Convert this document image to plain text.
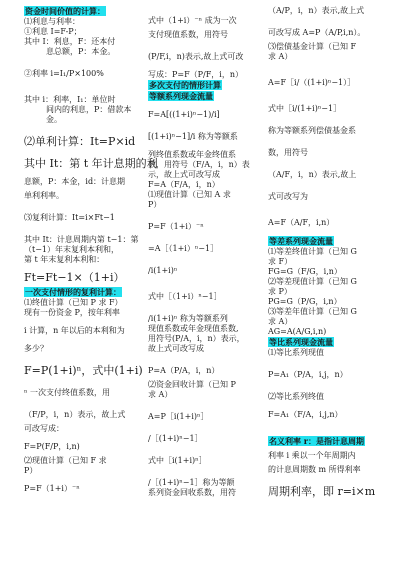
资金时间价值的计算：

⑴利息与利率：

①利息 I=F-P；

其中 I：利息，F：还本付

息总额，P：本金。

②利率 i=I₁/P×100%

其中 i：利率，I₁：单位时

间内的利息，P：借款本

金。

⑵单利计算：It=P×id

其中 It：第 t 年计息期的利

息额，P：本金，id：计息期

单利利率。

⑶复利计算：It=i×Ft−1

其中 It：计息周期内第 t−1：第

（t−1）年末复利本利和，

第 t 年末复利本利和：

Ft=Ft−1×（1+i）

一次支付情形的复利计算：

⑴终值计算（已知 P 求 F）

现有一份资金 P，按年利率

i 计算，n 年以后的本利和为

多少？

F=P(1+i)ⁿ，式中(1+i)

ⁿ 一次支付终值系数，用

（F/P，i，n）表示，故上式

可改写成：

F=P(F/P，i,n)

⑵现值计算（已知 F 求

P）

P=F（1+i）⁻ⁿ

式中（1+i）⁻ⁿ 成为一次

支付现值系数，用符号

(P/F,i，n)表示,故上式可改

写成：P=F（P/F，i，n）

多次支付的情形计算

等额系列现金流量

F=A[((1+i)ⁿ−1)/i]

[(1+i)ⁿ−1]/i 称为等额系

列终值系数或年金终值系

数，用符号（F/A，i，n）表

示，故上式可改写成

F=A（F/A，i，n）

⑴现值计算（已知 A 求

P）

P=F（1+i）⁻ⁿ

=A［（1+i）ⁿ−1］

/i(1+i)ⁿ

式中［（1+i）ⁿ−1］

/i(1+i)ⁿ 称为等额系列

现值系数或年金现值系数,

用符号(P/A，i，n）表示，

故上式可改写成

P=A（P/A，i，n）

⑵资金回收计算（已知 P

求 A）

A=P［i(1+i)ⁿ］

/［(1+i)ⁿ−1］

式中［i(1+i)ⁿ］

/［(1+i)ⁿ−1］称为等额

系列资金回收系数，用符

（A/P，i，n）表示,故上式

可改写成 A=P（A/P,i,n）。

⑶偿债基金计算（已知 F

求 A）

A=F［i/（(1+i)ⁿ−1）］

式中［i/(1+i)ⁿ−1］

称为等额系列偿债基金系

数，用符号

（A/F，i，n）表示,故上

式可改写为

A=F（A/F，i,n）

等差系列现金流量

⑴等差终值计算（已知 G

求 F）

FG=G（F/G，i,n）

⑵等差现值计算（已知 G

求 P）

PG=G（P/G，i,n）

⑶等差年值计算（已知 G

求 A）

AG=A(A/G,i,n)

等比系列现金流量

⑴等比系列现值

P=A₁（P/A，i,j，n）

⑵等比系列终值

F=A₁（F/A，i,j,n）

名义利率 r：是指计息周期

利率 i 乘以一个年周期内

的计息周期数 m 所得利率

周期利率，即 r=i×m
